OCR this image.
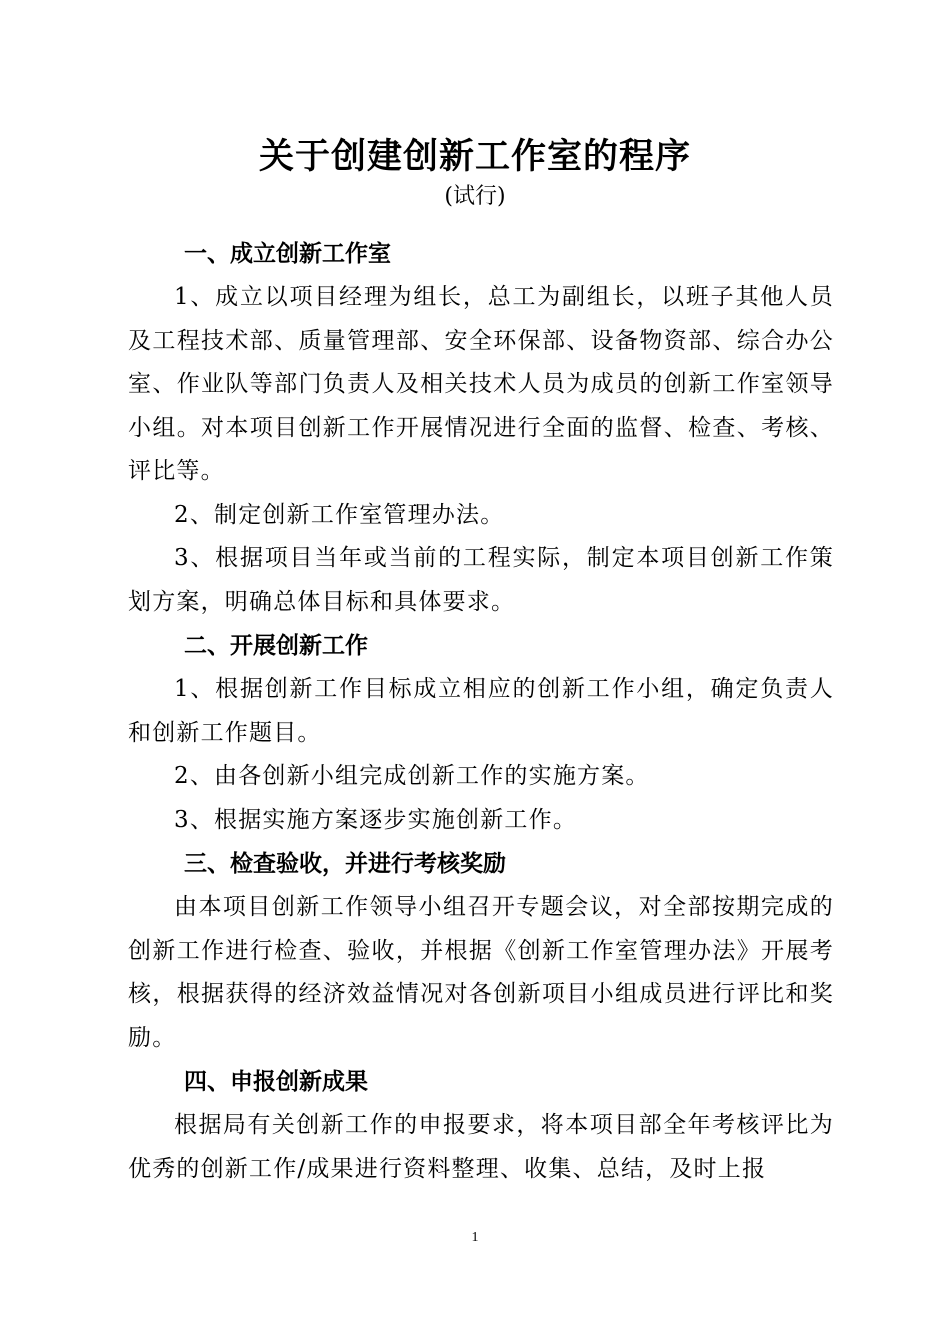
关于创建创新工作室的程序
(试行)
一、成立创新工作室

1、成立以项目经理为组长，总工为副组长，以班子其他人员及工程技术部、质量管理部、安全环保部、设备物资部、综合办公室、作业队等部门负责人及相关技术人员为成员的创新工作室领导小组。对本项目创新工作开展情况进行全面的监督、检查、考核、评比等。

2、制定创新工作室管理办法。

3、根据项目当年或当前的工程实际，制定本项目创新工作策划方案，明确总体目标和具体要求。

二、开展创新工作

1、根据创新工作目标成立相应的创新工作小组，确定负责人和创新工作题目。

2、由各创新小组完成创新工作的实施方案。

3、根据实施方案逐步实施创新工作。

三、检查验收，并进行考核奖励

由本项目创新工作领导小组召开专题会议，对全部按期完成的创新工作进行检查、验收，并根据《创新工作室管理办法》开展考核，根据获得的经济效益情况对各创新项目小组成员进行评比和奖励。

四、申报创新成果

根据局有关创新工作的申报要求，将本项目部全年考核评比为优秀的创新工作/成果进行资料整理、收集、总结，及时上报

1
